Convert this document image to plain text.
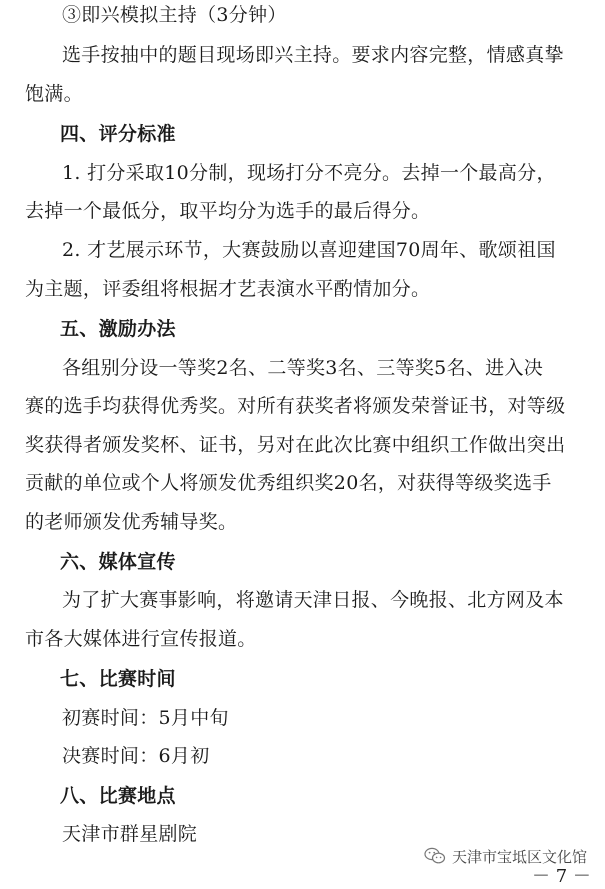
③即兴模拟主持（3分钟）
选手按抽中的题目现场即兴主持。要求内容完整，情感真挚
饱满。
四、评分标准
1. 打分采取10分制，现场打分不亮分。去掉一个最高分，
去掉一个最低分，取平均分为选手的最后得分。
2. 才艺展示环节，大赛鼓励以喜迎建国70周年、歌颂祖国
为主题，评委组将根据才艺表演水平酌情加分。
五、激励办法
各组别分设一等奖2名、二等奖3名、三等奖5名、进入决
赛的选手均获得优秀奖。对所有获奖者将颁发荣誉证书，对等级
奖获得者颁发奖杯、证书，另对在此次比赛中组织工作做出突出
贡献的单位或个人将颁发优秀组织奖20名，对获得等级奖选手
的老师颁发优秀辅导奖。
六、媒体宣传
为了扩大赛事影响，将邀请天津日报、今晚报、北方网及本
市各大媒体进行宣传报道。
七、比赛时间
初赛时间：5月中旬
决赛时间：6月初
八、比赛地点
天津市群星剧院
天津市宝坻区文化馆
－ 7 －
